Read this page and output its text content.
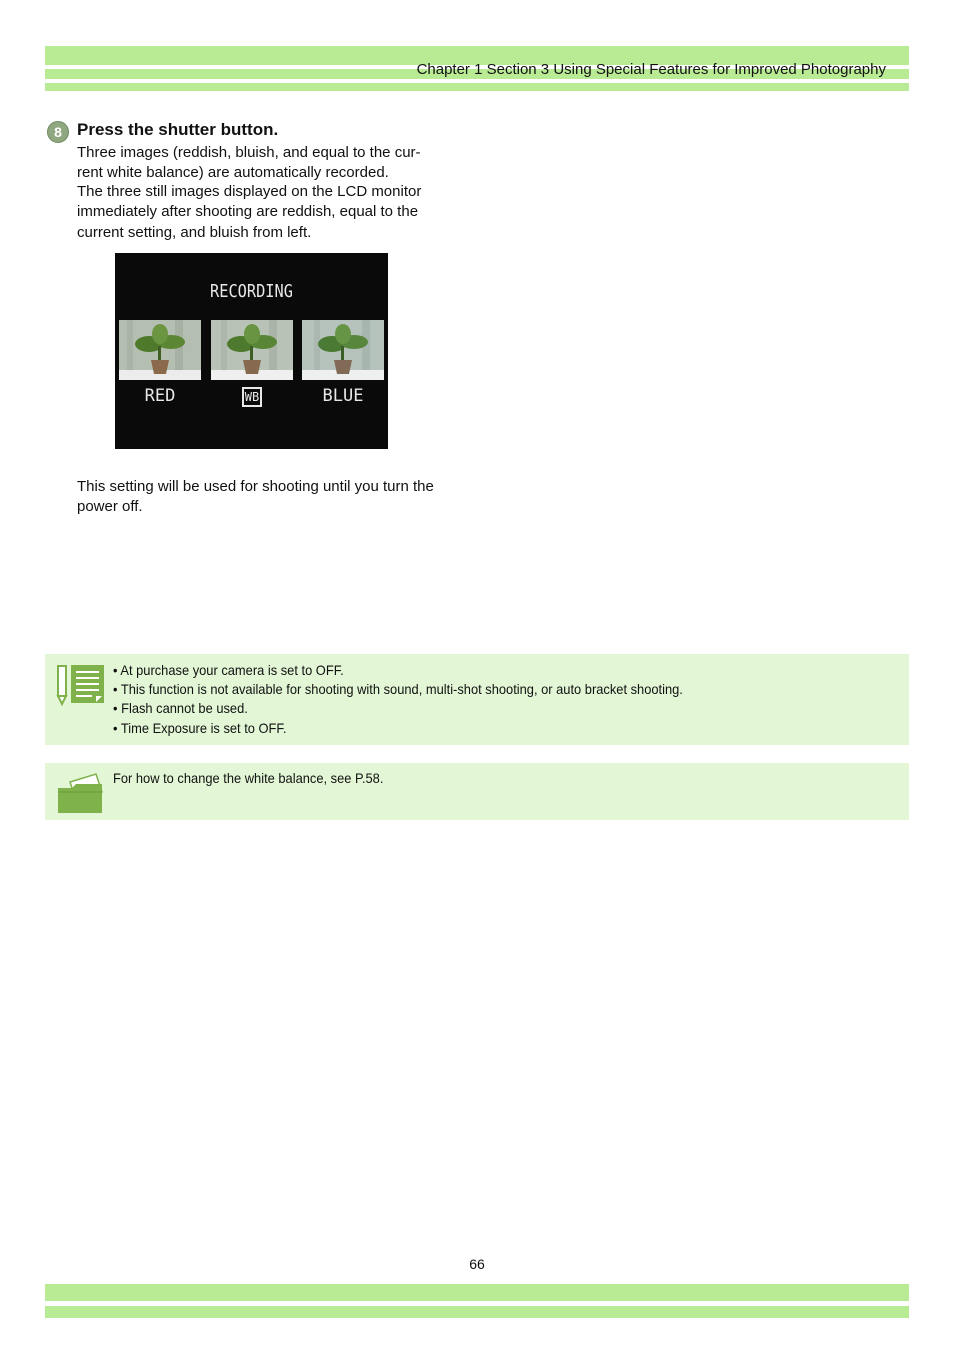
Chapter 1 Section 3 Using Special Features for Improved Photography
8 Press the shutter button.
Three images (reddish, bluish, and equal to the cur-
rent white balance) are automatically recorded.
The three still images displayed on the LCD monitor
immediately after shooting are reddish, equal to the
current setting, and bluish from left.
RECORDING
RED	WB	BLUE
This setting will be used for shooting until you turn the
power off.
• At purchase your camera is set to OFF.
• This function is not available for shooting with sound, multi-shot shooting, or auto bracket shooting.
• Flash cannot be used.
• Time Exposure is set to OFF.
For how to change the white balance, see P.58.
66
